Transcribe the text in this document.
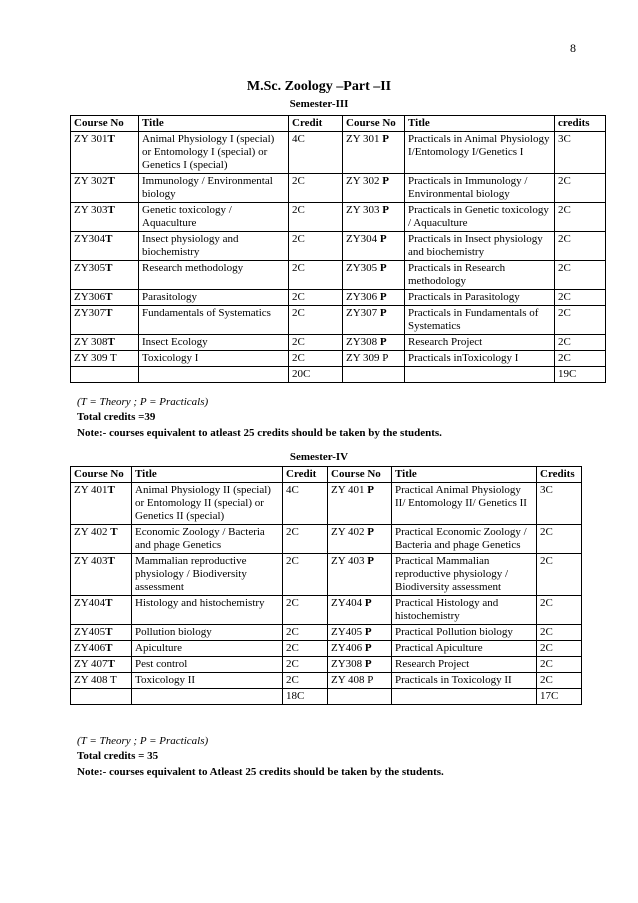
8
M.Sc. Zoology –Part –II
Semester-III
Course No	Title	Credit	Course No	Title	credits
ZY 301T	Animal Physiology I (special) or Entomology I (special) or Genetics I (special)	4C	ZY 301 P	Practicals in Animal Physiology I/Entomology I/Genetics I	3C
ZY 302T	Immunology / Environmental biology	2C	ZY 302 P	Practicals in Immunology / Environmental biology	2C
ZY 303T	Genetic toxicology / Aquaculture	2C	ZY 303 P	Practicals in Genetic toxicology / Aquaculture	2C
ZY304T	Insect physiology and biochemistry	2C	ZY304 P	Practicals in Insect physiology and biochemistry	2C
ZY305T	Research methodology	2C	ZY305 P	Practicals in Research methodology	2C
ZY306T	Parasitology	2C	ZY306 P	Practicals in Parasitology	2C
ZY307T	Fundamentals of Systematics	2C	ZY307 P	Practicals in Fundamentals of Systematics	2C
ZY 308T	Insect Ecology	2C	ZY308 P	Research Project	2C
ZY 309 T	Toxicology I	2C	ZY 309 P	Practicals inToxicology I	2C
		20C			19C
(T = Theory ; P = Practicals)
Total credits =39
Note:- courses equivalent to atleast 25 credits should be taken by the students.
Semester-IV
Course No	Title	Credit	Course No	Title	Credits
ZY 401T	Animal Physiology II (special) or Entomology II (special) or Genetics II (special)	4C	ZY 401 P	Practical Animal Physiology II/ Entomology II/ Genetics II	3C
ZY 402 T	Economic Zoology / Bacteria and phage Genetics	2C	ZY 402 P	Practical Economic Zoology / Bacteria and phage Genetics	2C
ZY 403T	Mammalian reproductive physiology / Biodiversity assessment	2C	ZY 403 P	Practical Mammalian reproductive physiology / Biodiversity assessment	2C
ZY404T	Histology and histochemistry	2C	ZY404 P	Practical Histology and histochemistry	2C
ZY405T	Pollution biology	2C	ZY405 P	Practical Pollution biology	2C
ZY406T	Apiculture	2C	ZY406 P	Practical Apiculture	2C
ZY 407T	Pest control	2C	ZY308 P	Research Project	2C
ZY 408 T	Toxicology II	2C	ZY 408 P	Practicals in Toxicology II	2C
		18C			17C
(T = Theory ; P = Practicals)
Total credits = 35
Note:- courses equivalent to Atleast 25 credits should be taken by the students.
